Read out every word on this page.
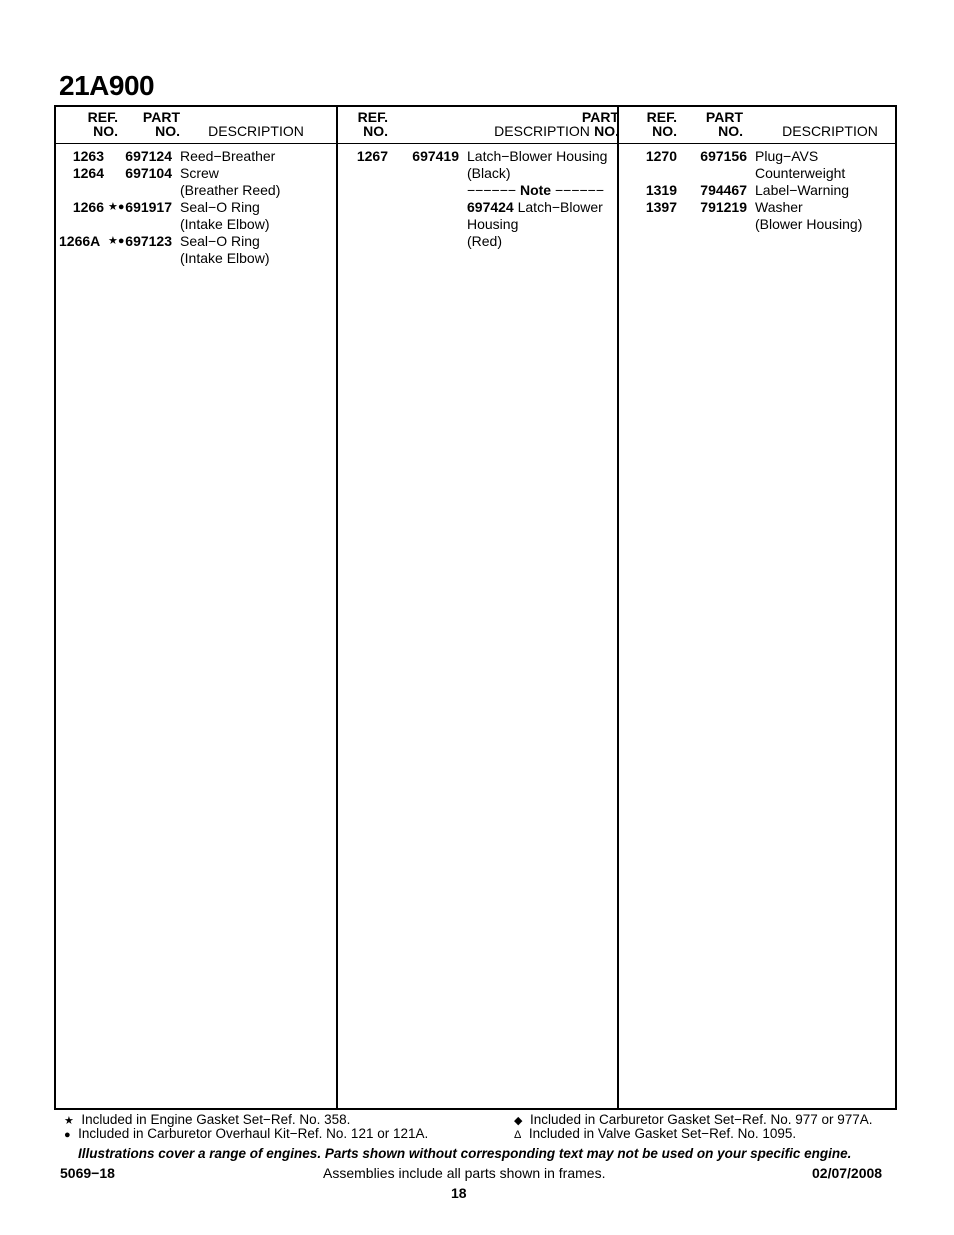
21A900
REF.
NO.
PART
NO.	DESCRIPTION
1263 697124 Reed−Breather
1264 697104 Screw
(Breather Reed)
1266 ★● 691917 Seal−O Ring
(Intake Elbow)
1266A ★● 697123 Seal−O Ring
(Intake Elbow)
REF.
NO.
PART
NO.
DESCRIPTION
1267 697419 Latch−Blower Housing
(Black)
−−−−−− Note −−−−−−
697424 Latch−Blower
Housing
(Red)
REF.
NO.
PART
NO.	DESCRIPTION
1270 697156 Plug−AVS
Counterweight
1319 794467 Label−Warning
1397 791219 Washer
(Blower Housing)
★ Included in Engine Gasket Set−Ref. No. 358.
● Included in Carburetor Overhaul Kit−Ref. No. 121 or 121A.
◆ Included in Carburetor Gasket Set−Ref. No. 977 or 977A.
Δ Included in Valve Gasket Set−Ref. No. 1095.
Illustrations cover a range of engines. Parts shown without corresponding text may not be used on your specific engine.
5069−18	Assemblies include all parts shown in frames.	02/07/2008
18
